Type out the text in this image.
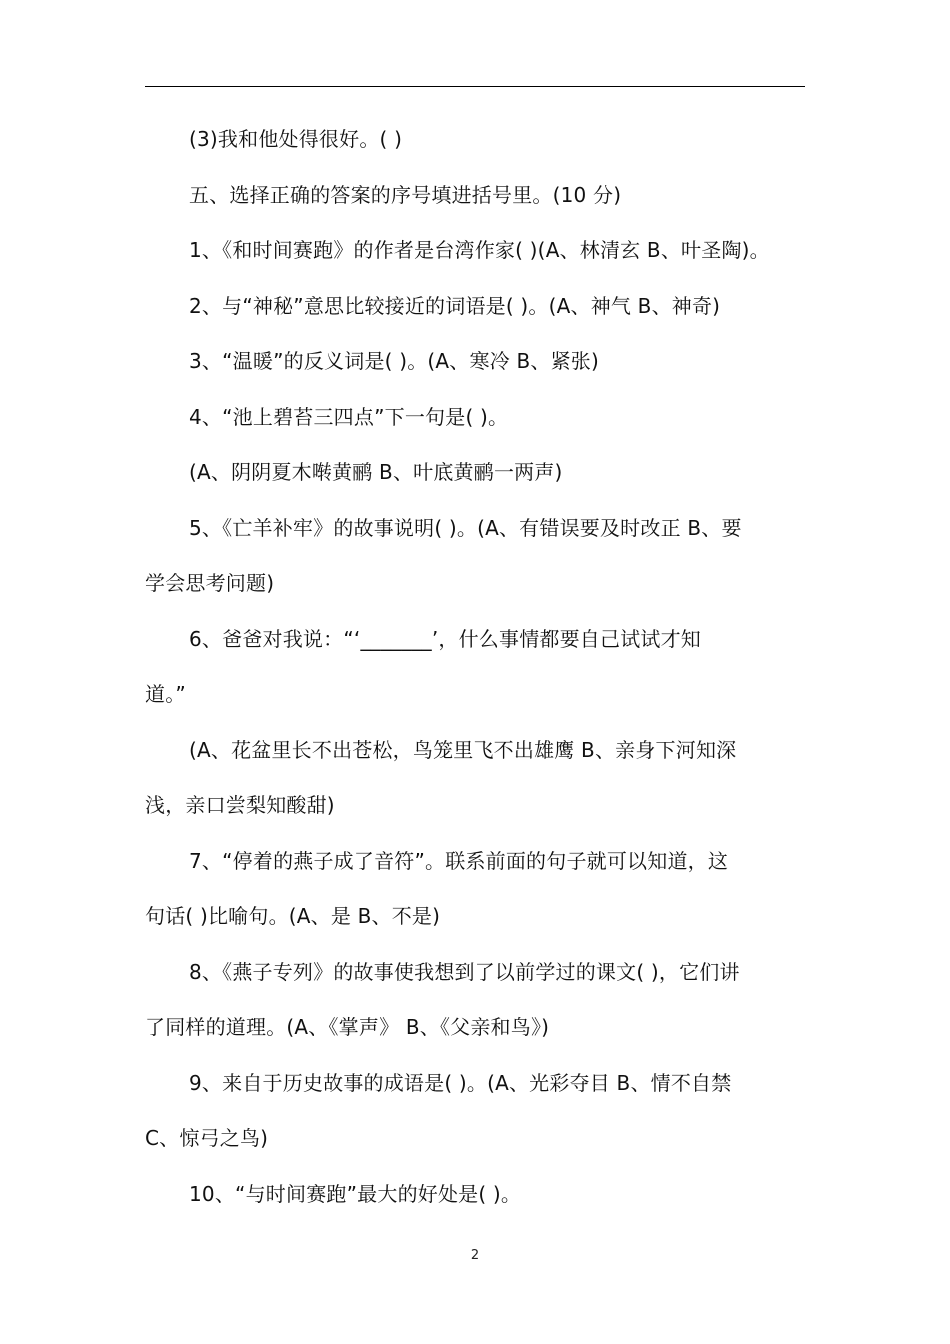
(3)我和他处得很好。( )

五、选择正确的答案的序号填进括号里。(10 分)

1、《和时间赛跑》的作者是台湾作家( )(A、林清玄 B、叶圣陶)。

2、与“神秘”意思比较接近的词语是( )。(A、神气 B、神奇)

3、“温暖”的反义词是( )。(A、寒冷 B、紧张)

4、“池上碧苔三四点”下一句是( )。

(A、阴阴夏木啭黄鹂 B、叶底黄鹂一两声)

5、《亡羊补牢》的故事说明( )。(A、有错误要及时改正 B、要

学会思考问题)

6、爸爸对我说：“‘_______’，什么事情都要自己试试才知

道。”

(A、花盆里长不出苍松，鸟笼里飞不出雄鹰 B、亲身下河知深

浅，亲口尝梨知酸甜)

7、“停着的燕子成了音符”。联系前面的句子就可以知道，这

句话( )比喻句。(A、是 B、不是)

8、《燕子专列》的故事使我想到了以前学过的课文( )，它们讲

了同样的道理。(A、《掌声》 B、《父亲和鸟》)

9、来自于历史故事的成语是( )。(A、光彩夺目 B、情不自禁

C、惊弓之鸟)

10、“与时间赛跑”最大的好处是( )。

2
